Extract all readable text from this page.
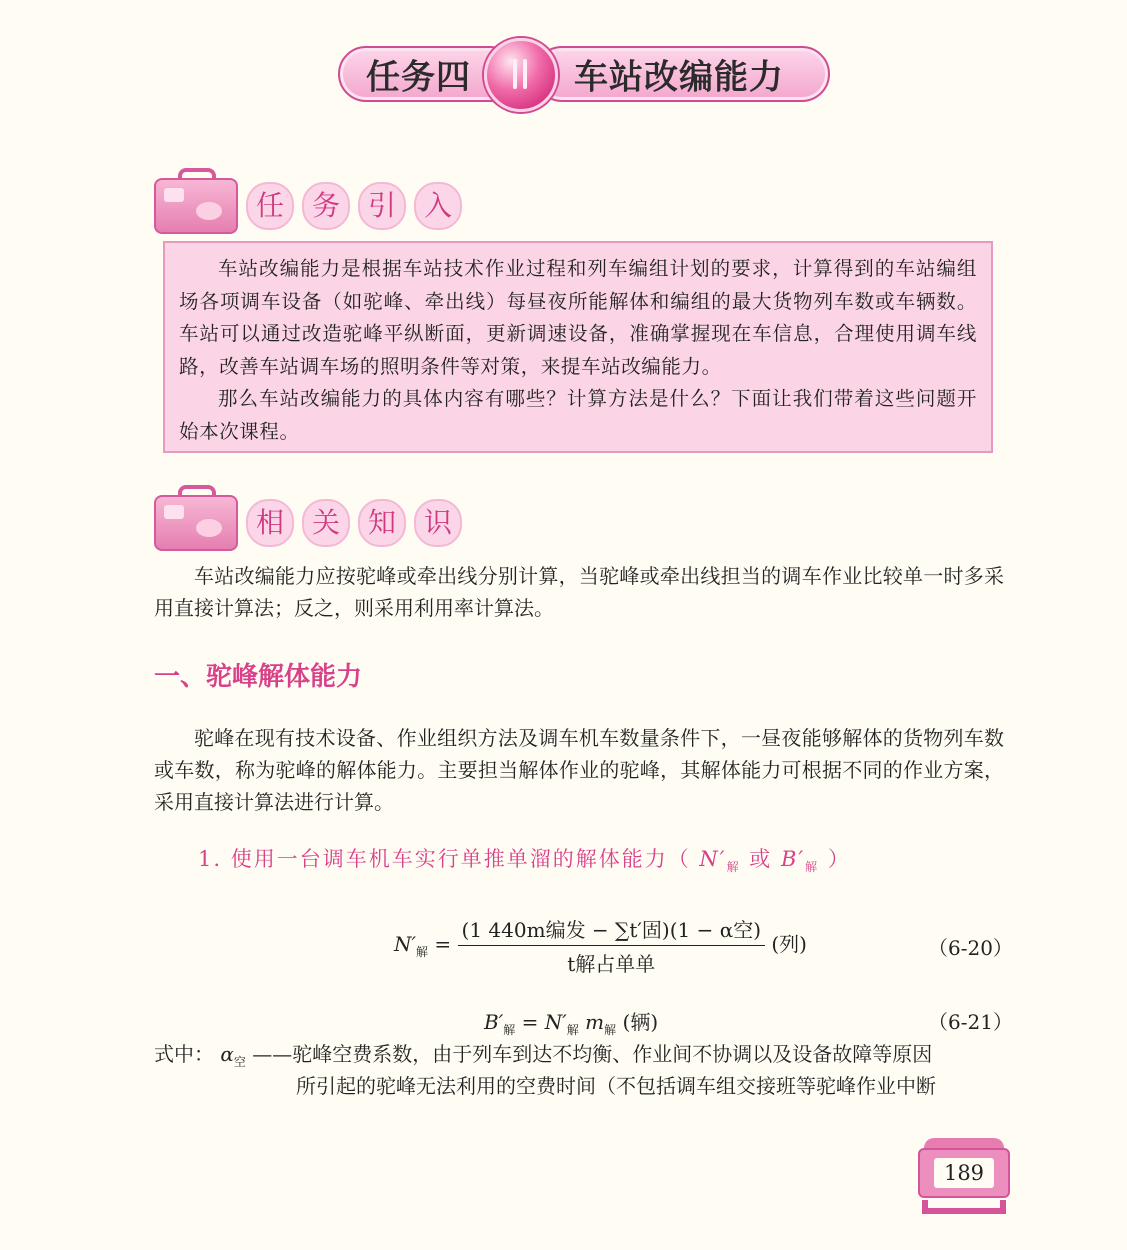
任务四	车站改编能力
任 务 引 入

车站改编能力是根据车站技术作业过程和列车编组计划的要求，计算得到的车站编组场各项调车设备（如驼峰、牵出线）每昼夜所能解体和编组的最大货物列车数或车辆数。车站可以通过改造驼峰平纵断面，更新调速设备，准确掌握现在车信息，合理使用调车线路，改善车站调车场的照明条件等对策，来提车站改编能力。

那么车站改编能力的具体内容有哪些？计算方法是什么？下面让我们带着这些问题开始本次课程。

相 关 知 识

车站改编能力应按驼峰或牵出线分别计算，当驼峰或牵出线担当的调车作业比较单一时多采用直接计算法；反之，则采用利用率计算法。

一、驼峰解体能力

驼峰在现有技术设备、作业组织方法及调车机车数量条件下，一昼夜能够解体的货物列车数或车数，称为驼峰的解体能力。主要担当解体作业的驼峰，其解体能力可根据不同的作业方案，采用直接计算法进行计算。

1. 使用一台调车机车实行单推单溜的解体能力（ $N'_解$ 或 $B'_解$ ）
$N'_解 = \frac{\text{(1 440m编发 − ∑t′固)(1 − α空)}}{\text{t解占单单}}$ (列)	（6-20）
$B'_解 = N'_解$ $m_解$ (辆)	（6-21）
式中： $\alpha_空$ ——驼峰空费系数，由于列车到达不均衡、作业间不协调以及设备故障等原因
所引起的驼峰无法利用的空费时间（不包括调车组交接班等驼峰作业中断
189
